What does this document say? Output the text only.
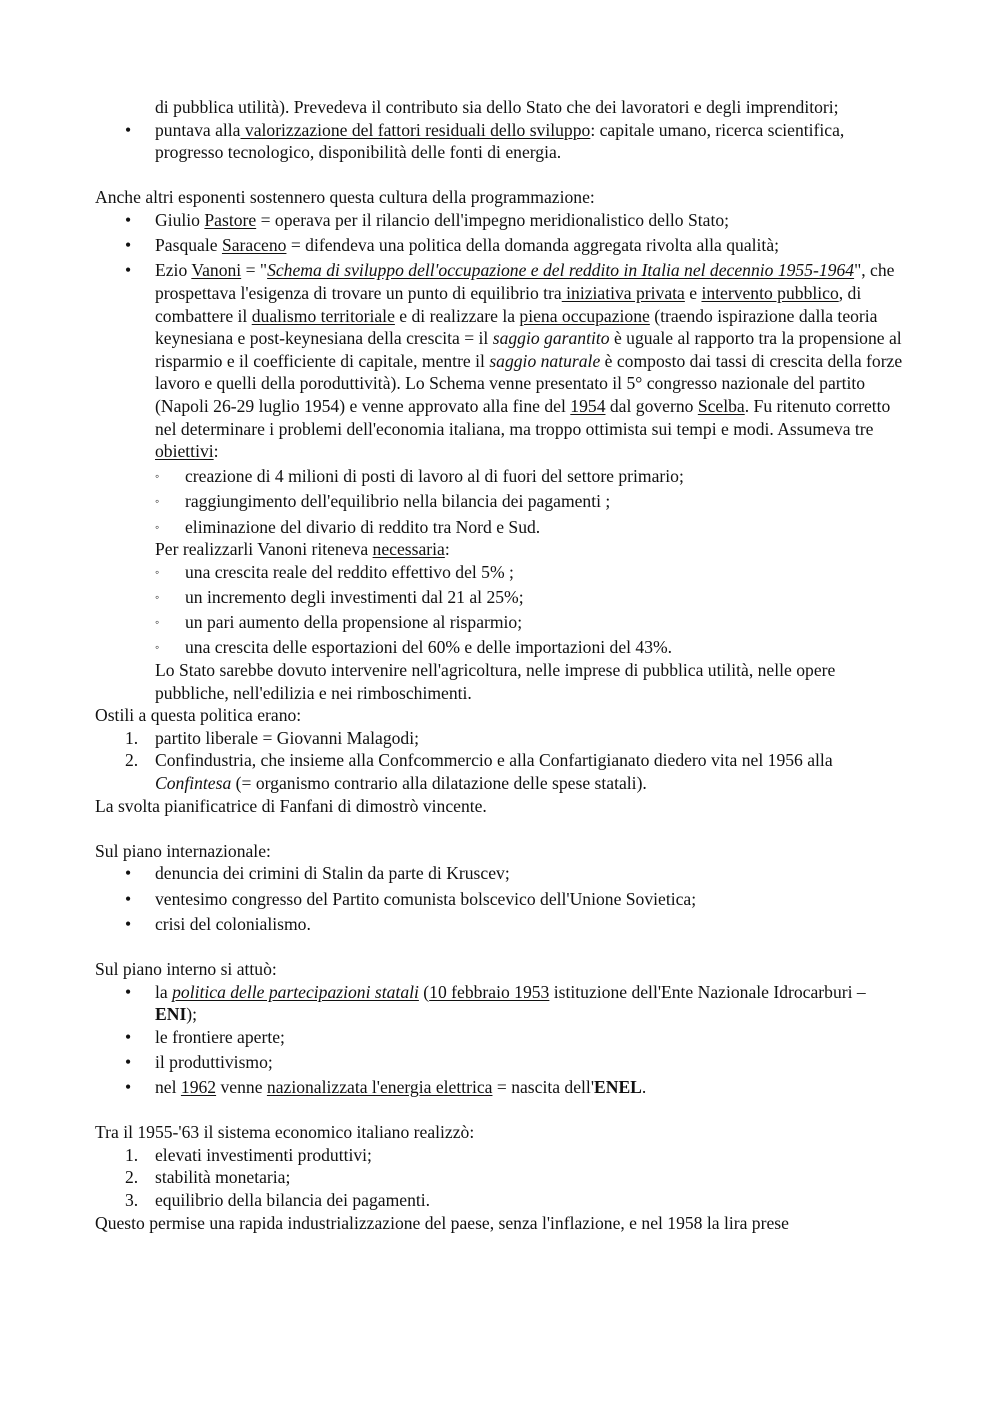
di pubblica utilità). Prevedeva il contributo sia dello Stato che dei lavoratori e degli imprenditori;
•	puntava alla valorizzazione del fattori residuali dello sviluppo: capitale umano, ricerca scientifica, progresso tecnologico, disponibilità delle fonti di energia.
Anche altri esponenti sostennero questa cultura della programmazione:
•	Giulio Pastore = operava per il rilancio dell'impegno meridionalistico dello Stato;
•	Pasquale Saraceno = difendeva una politica della domanda aggregata rivolta alla qualità;
•	Ezio Vanoni = "Schema di sviluppo dell'occupazione e del reddito in Italia nel decennio 1955-1964", che prospettava l'esigenza di trovare un punto di equilibrio tra iniziativa privata e intervento pubblico, di combattere il dualismo territoriale e di realizzare la piena occupazione (traendo ispirazione dalla teoria keynesiana e post-keynesiana della crescita = il saggio garantito è uguale al rapporto tra la propensione al risparmio e il coefficiente di capitale, mentre il saggio naturale è composto dai tassi di crescita della forze lavoro e quelli della poroduttività). Lo Schema venne presentato il 5° congresso nazionale del partito (Napoli 26-29 luglio 1954) e venne approvato alla fine del 1954 dal governo Scelba. Fu ritenuto corretto nel determinare i problemi dell'economia italiana, ma troppo ottimista sui tempi e modi. Assumeva tre obiettivi:
◦	creazione di 4 milioni di posti di lavoro al di fuori del settore primario;
◦	raggiungimento dell'equilibrio nella bilancia dei pagamenti ;
◦	eliminazione del divario di reddito tra Nord e Sud.
Per realizzarli Vanoni riteneva necessaria:
◦	una crescita reale del reddito effettivo del 5% ;
◦	un incremento degli investimenti dal 21 al 25%;
◦	un pari aumento della propensione al risparmio;
◦	una crescita delle esportazioni del 60% e delle importazioni del 43%.
Lo Stato sarebbe dovuto intervenire nell'agricoltura, nelle imprese di pubblica utilità, nelle opere pubbliche, nell'edilizia e nei rimboschimenti.
Ostili a questa politica erano:
1. partito liberale = Giovanni Malagodi;
2. Confindustria, che insieme alla Confcommercio e alla Confartigianato diedero vita nel 1956 alla Confintesa (= organismo contrario alla dilatazione delle spese statali).
La svolta pianificatrice di Fanfani di dimostrò vincente.
Sul piano internazionale:
•	denuncia dei crimini di Stalin da parte di Kruscev;
•	ventesimo congresso del Partito comunista bolscevico dell'Unione Sovietica;
•	crisi del colonialismo.
Sul piano interno si attuò:
•	la politica delle partecipazioni statali (10 febbraio 1953 istituzione dell'Ente Nazionale Idrocarburi – ENI);
•	le frontiere aperte;
•	il produttivismo;
•	nel 1962 venne nazionalizzata l'energia elettrica = nascita dell'ENEL.
Tra il 1955-'63 il sistema economico italiano realizzò:
1. elevati investimenti produttivi;
2. stabilità monetaria;
3. equilibrio della bilancia dei pagamenti.
Questo permise una rapida industrializzazione del paese, senza l'inflazione, e nel 1958 la lira prese
